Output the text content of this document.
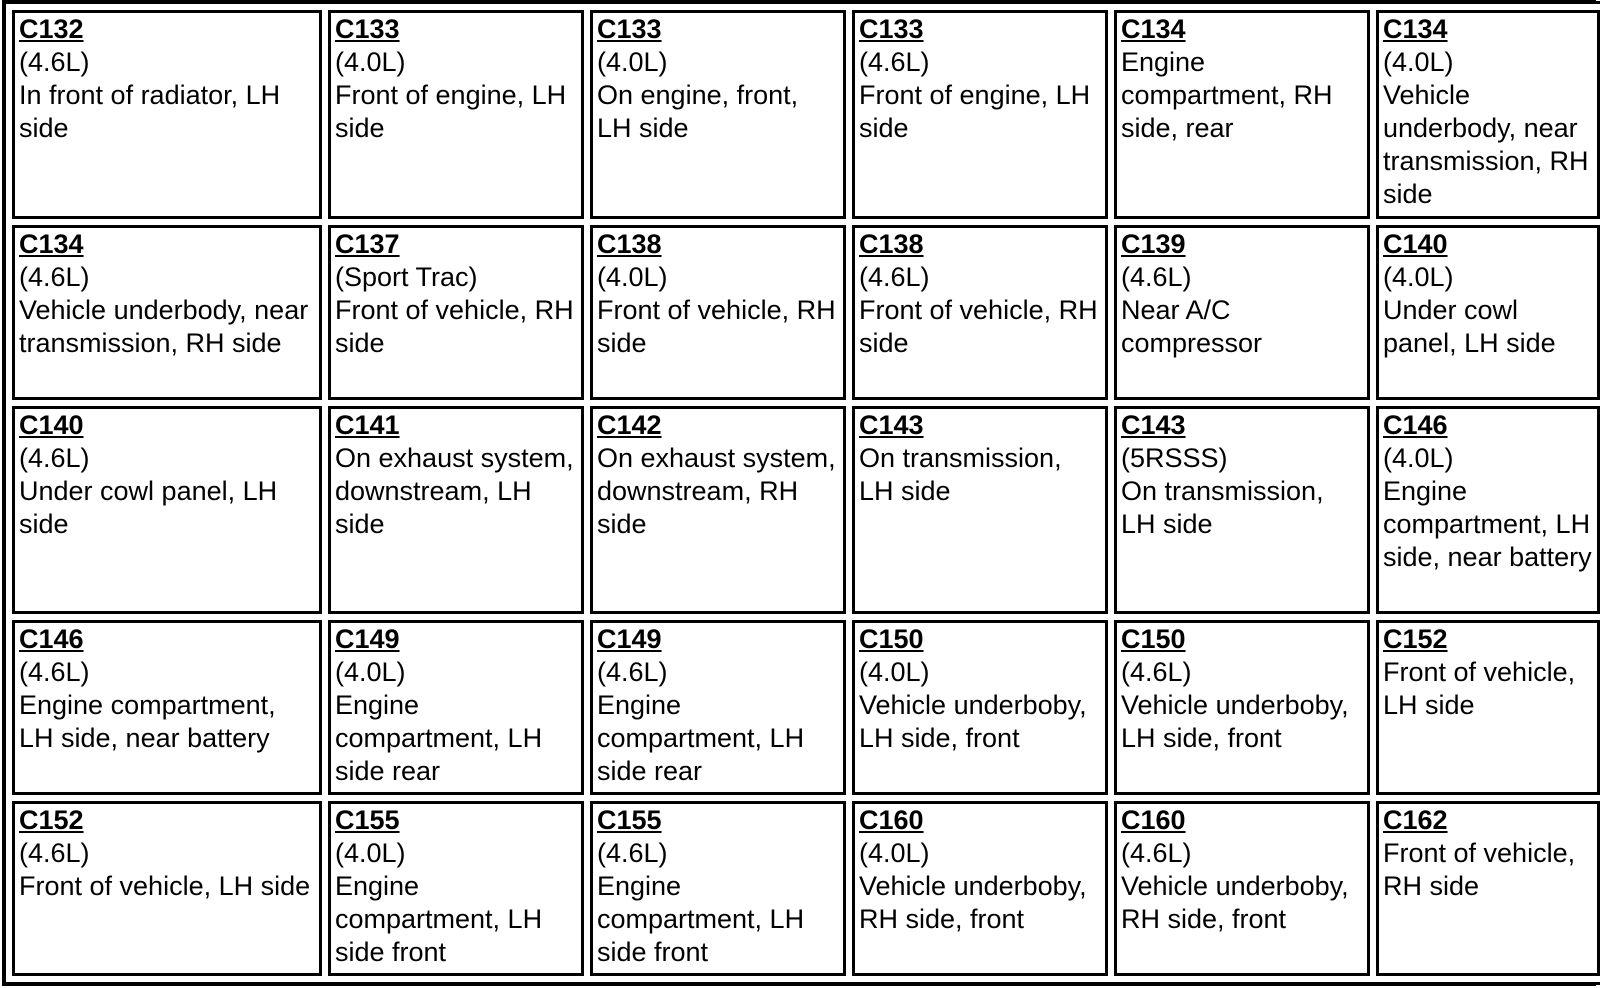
C132
(4.6L)
In front of radiator, LH side	C133
(4.0L)
Front of engine, LH side	C133
(4.0L)
On engine, front, LH side	C133
(4.6L)
Front of engine, LH side	C134
Engine compartment, RH side, rear	C134
(4.0L)
Vehicle underbody, near transmission, RH side

C134
(4.6L)
Vehicle underbody, near transmission, RH side	C137
(Sport Trac)
Front of vehicle, RH side	C138
(4.0L)
Front of vehicle, RH side	C138
(4.6L)
Front of vehicle, RH side	C139
(4.6L)
Near A/C compressor	C140
(4.0L)
Under cowl panel, LH side

C140
(4.6L)
Under cowl panel, LH side	C141
On exhaust system, downstream, LH side	C142
On exhaust system, downstream, RH side	C143
On transmission, LH side	C143
(5RSSS)
On transmission, LH side	C146
(4.0L)
Engine compartment, LH side, near battery

C146
(4.6L)
Engine compartment, LH side, near battery	C149
(4.0L)
Engine compartment, LH side rear	C149
(4.6L)
Engine compartment, LH side rear	C150
(4.0L)
Vehicle underboby, LH side, front	C150
(4.6L)
Vehicle underboby, LH side, front	C152
Front of vehicle, LH side

C152
(4.6L)
Front of vehicle, LH side	C155
(4.0L)
Engine compartment, LH side front	C155
(4.6L)
Engine compartment, LH side front	C160
(4.0L)
Vehicle underboby, RH side, front	C160
(4.6L)
Vehicle underboby, RH side, front	C162
Front of vehicle, RH side
